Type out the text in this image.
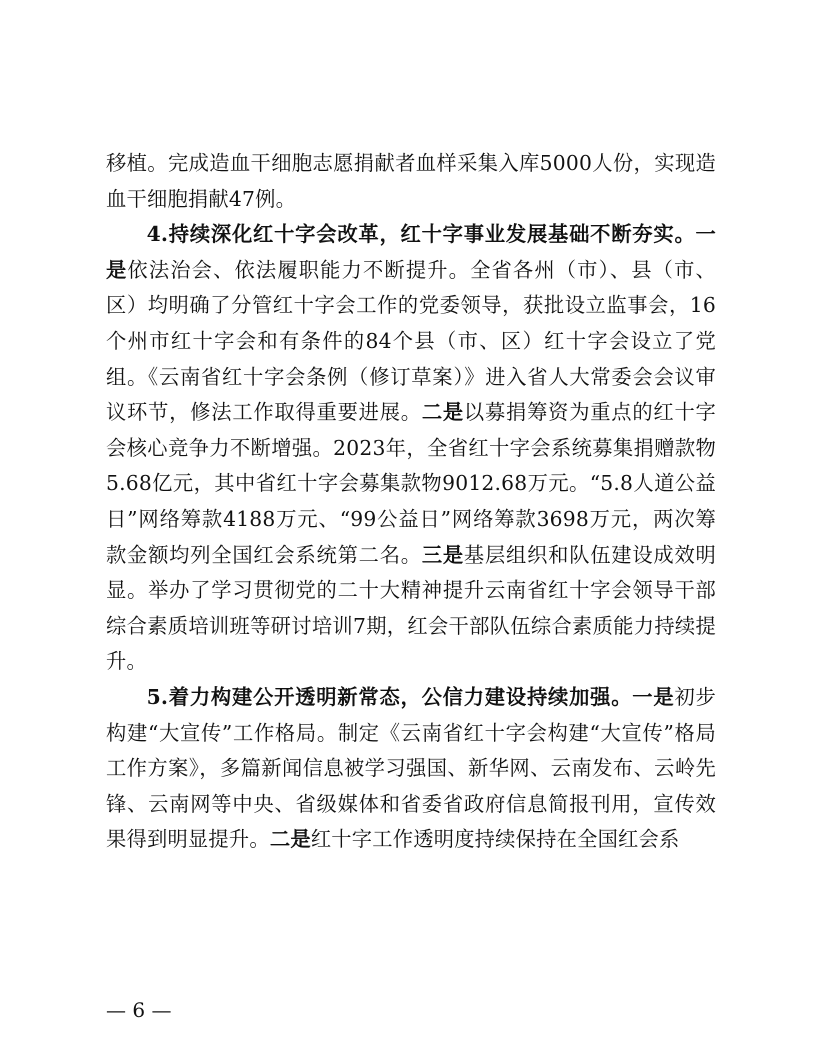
移植。完成造血干细胞志愿捐献者血样采集入库5000人份，实现造血干细胞捐献47例。

4.持续深化红十字会改革，红十字事业发展基础不断夯实。一是依法治会、依法履职能力不断提升。全省各州（市）、县（市、区）均明确了分管红十字会工作的党委领导，获批设立监事会，16个州市红十字会和有条件的84个县（市、区）红十字会设立了党组。《云南省红十字会条例（修订草案）》进入省人大常委会会议审议环节，修法工作取得重要进展。二是以募捐筹资为重点的红十字会核心竞争力不断增强。2023年，全省红十字会系统募集捐赠款物5.68亿元，其中省红十字会募集款物9012.68万元。“5.8人道公益日”网络筹款4188万元、“99公益日”网络筹款3698万元，两次筹款金额均列全国红会系统第二名。三是基层组织和队伍建设成效明显。举办了学习贯彻党的二十大精神提升云南省红十字会领导干部综合素质培训班等研讨培训7期，红会干部队伍综合素质能力持续提升。

5.着力构建公开透明新常态，公信力建设持续加强。一是初步构建“大宣传”工作格局。制定《云南省红十字会构建“大宣传”格局工作方案》，多篇新闻信息被学习强国、新华网、云南发布、云岭先锋、云南网等中央、省级媒体和省委省政府信息简报刊用，宣传效果得到明显提升。二是红十字工作透明度持续保持在全国红会系

— 6 —
